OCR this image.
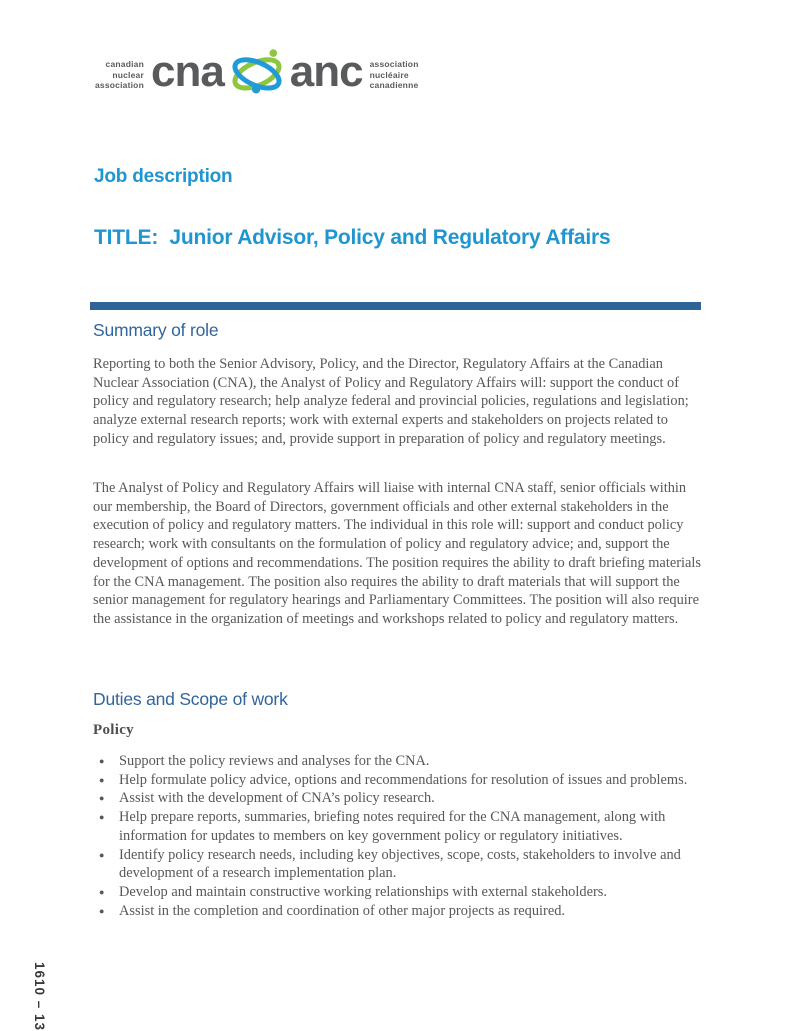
canadian
nuclear
association cna anc association
nucléaire
canadienne
Job description
TITLE:  Junior Advisor, Policy and Regulatory Affairs
Summary of role
Reporting to both the Senior Advisory, Policy, and the Director, Regulatory Affairs at the Canadian Nuclear Association (CNA), the Analyst of Policy and Regulatory Affairs will: support the conduct of policy and regulatory research; help analyze federal and provincial policies, regulations and legislation; analyze external research reports; work with external experts and stakeholders on projects related to policy and regulatory issues; and, provide support in preparation of policy and regulatory meetings.
The Analyst of Policy and Regulatory Affairs will liaise with internal CNA staff, senior officials within our membership, the Board of Directors, government officials and other external stakeholders in the execution of policy and regulatory matters. The individual in this role will: support and conduct policy research; work with consultants on the formulation of policy and regulatory advice; and, support the development of options and recommendations. The position requires the ability to draft briefing materials for the CNA management. The position also requires the ability to draft materials that will support the senior management for regulatory hearings and Parliamentary Committees. The position will also require the assistance in the organization of meetings and workshops related to policy and regulatory matters.
Duties and Scope of work
Policy
● Support the policy reviews and analyses for the CNA.
● Help formulate policy advice, options and recommendations for resolution of issues and problems.
● Assist with the development of CNA’s policy research.
● Help prepare reports, summaries, briefing notes required for the CNA management, along with information for updates to members on key government policy or regulatory initiatives.
● Identify policy research needs, including key objectives, scope, costs, stakeholders to involve and development of a research implementation plan.
● Develop and maintain constructive working relationships with external stakeholders.
● Assist in the completion and coordination of other major projects as required.
1610 – 13
